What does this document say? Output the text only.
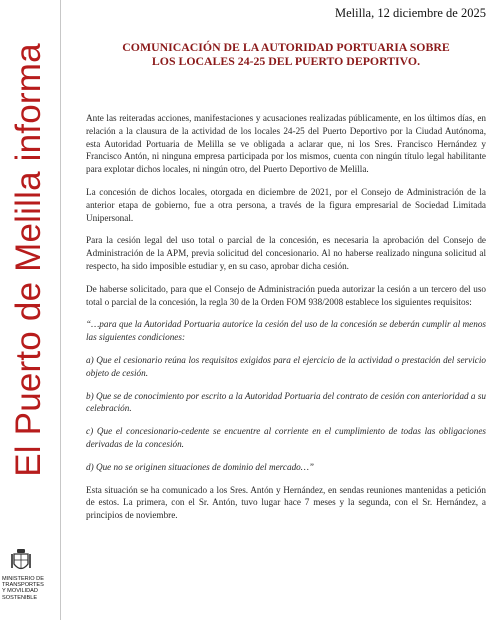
El Puerto de Melilla informa
MINISTERIO DE
TRANSPORTES
Y MOVILIDAD
SOSTENIBLE
Melilla, 12 diciembre de 2025
COMUNICACIÓN DE LA AUTORIDAD PORTUARIA SOBRE
LOS LOCALES 24-25 DEL PUERTO DEPORTIVO.

Ante las reiteradas acciones, manifestaciones y acusaciones realizadas públicamente, en los últimos días, en relación a la clausura de la actividad de los locales 24-25 del Puerto Deportivo por la Ciudad Autónoma, esta Autoridad Portuaria de Melilla se ve obligada a aclarar que, ni los Sres. Francisco Hernández y Francisco Antón, ni ninguna empresa participada por los mismos, cuenta con ningún título legal habilitante para explotar dichos locales, ni ningún otro, del Puerto Deportivo de Melilla.

La concesión de dichos locales, otorgada en diciembre de 2021, por el Consejo de Administración de la anterior etapa de gobierno, fue a otra persona, a través de la figura empresarial de Sociedad Limitada Unipersonal.

Para la cesión legal del uso total o parcial de la concesión, es necesaria la aprobación del Consejo de Administración de la APM, previa solicitud del concesionario. Al no haberse realizado ninguna solicitud al respecto, ha sido imposible estudiar y, en su caso, aprobar dicha cesión.

De haberse solicitado, para que el Consejo de Administración pueda autorizar la cesión a un tercero del uso total o parcial de la concesión, la regla 30 de la Orden FOM 938/2008 establece los siguientes requisitos:

“…para que la Autoridad Portuaria autorice la cesión del uso de la concesión se deberán cumplir al menos las siguientes condiciones:

a) Que el cesionario reúna los requisitos exigidos para el ejercicio de la actividad o prestación del servicio objeto de cesión.

b) Que se de conocimiento por escrito a la Autoridad Portuaria del contrato de cesión con anterioridad a su celebración.

c) Que el concesionario-cedente se encuentre al corriente en el cumplimiento de todas las obligaciones derivadas de la concesión.

d) Que no se originen situaciones de dominio del mercado…”

Esta situación se ha comunicado a los Sres. Antón y Hernández, en sendas reuniones mantenidas a petición de estos. La primera, con el Sr. Antón, tuvo lugar hace 7 meses y la segunda, con el Sr. Hernández, a principios de noviembre.
